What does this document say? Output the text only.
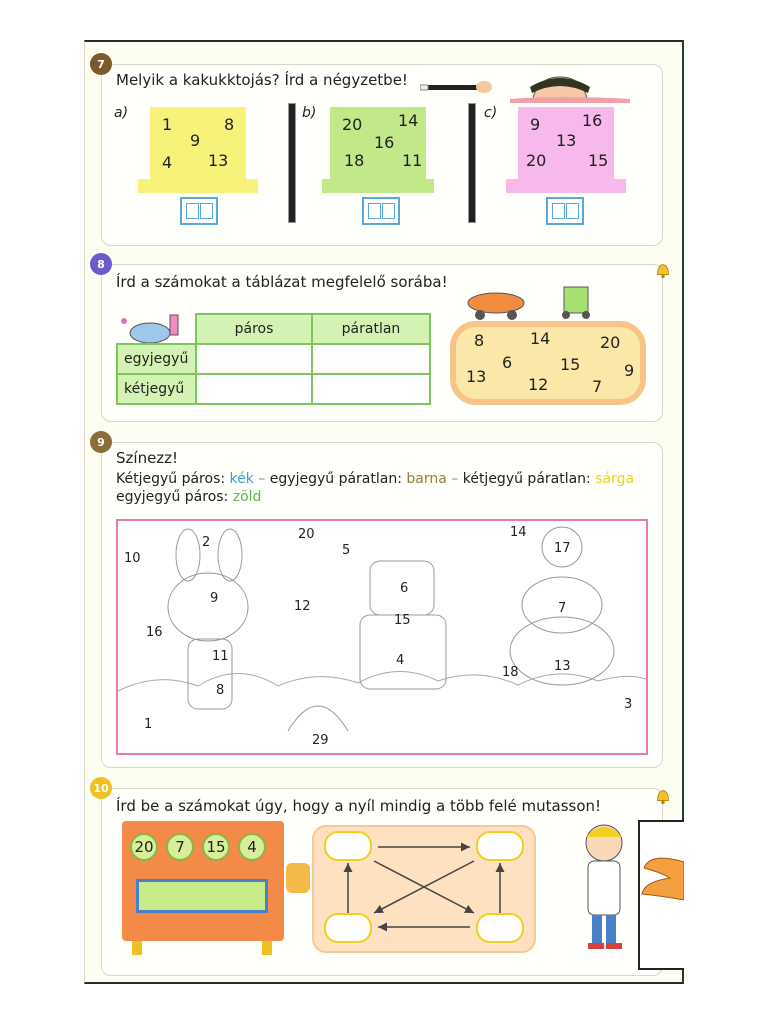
7
Melyik a kakukktojás? Írd a négyzetbe!
a)
1	8
9
4 13
b)
20 14
16
18 11
c)
9	16
13
20	15
8
Írd a számokat a táblázat megfelelő sorába!
	páros	páratlan
egyjegyű		
kétjegyű		
8	14	20
6	15	9
13	12	7
9
Színezz!
Kétjegyű páros: kék – egyjegyű páratlan: barna – kétjegyű páratlan: sárga
egyjegyű páros: zöld
10
2
9
20
5
6
14
17
7
16
11
8
12
15
4
18	13
3
1
29
10
Írd be a számokat úgy, hogy a nyíl mindig a több felé mutasson!
20	7	15	4
